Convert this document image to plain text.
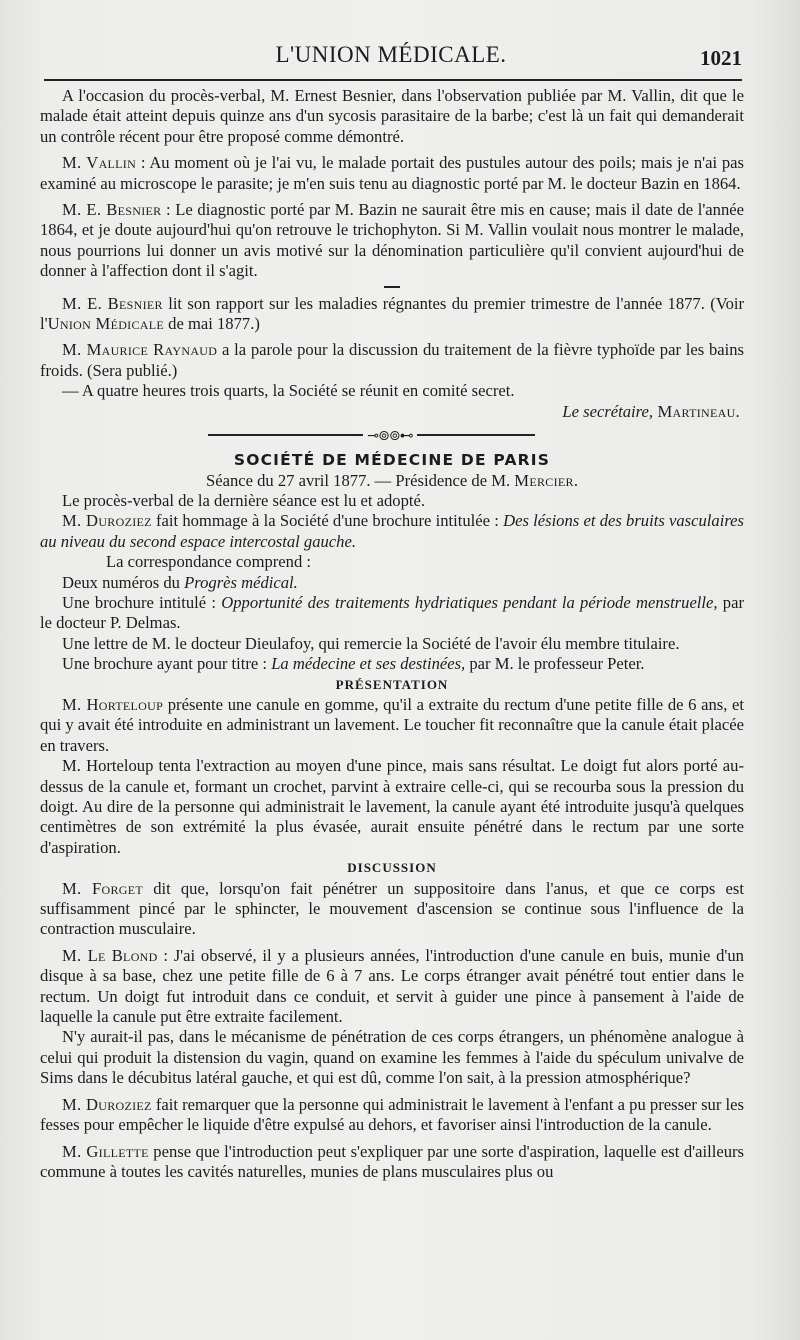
L'UNION MÉDICALE.	1021

A l'occasion du procès-verbal, M. Ernest Besnier, dans l'observation publiée par M. Vallin, dit que le malade était atteint depuis quinze ans d'un sycosis parasitaire de la barbe; c'est là un fait qui demanderait un contrôle récent pour être proposé comme démontré.

M. Vallin : Au moment où je l'ai vu, le malade portait des pustules autour des poils; mais je n'ai pas examiné au microscope le parasite; je m'en suis tenu au diagnostic porté par M. le docteur Bazin en 1864.

M. E. Besnier : Le diagnostic porté par M. Bazin ne saurait être mis en cause; mais il date de l'année 1864, et je doute aujourd'hui qu'on retrouve le trichophyton. Si M. Vallin voulait nous montrer le malade, nous pourrions lui donner un avis motivé sur la dénomination particulière qu'il convient aujourd'hui de donner à l'affection dont il s'agit.

M. E. Besnier lit son rapport sur les maladies régnantes du premier trimestre de l'année 1877. (Voir l'Union Médicale de mai 1877.)

M. Maurice Raynaud a la parole pour la discussion du traitement de la fièvre typhoïde par les bains froids. (Sera publié.)

— A quatre heures trois quarts, la Société se réunit en comité secret.

Le secrétaire, Martineau.

⊸⊚⊚⊷

SOCIÉTÉ DE MÉDECINE DE PARIS

Séance du 27 avril 1877. — Présidence de M. Mercier.

Le procès-verbal de la dernière séance est lu et adopté.

M. Duroziez fait hommage à la Société d'une brochure intitulée : Des lésions et des bruits vasculaires au niveau du second espace intercostal gauche.

La correspondance comprend :

Deux numéros du Progrès médical.

Une brochure intitulé : Opportunité des traitements hydriatiques pendant la période menstruelle, par le docteur P. Delmas.

Une lettre de M. le docteur Dieulafoy, qui remercie la Société de l'avoir élu membre titulaire.

Une brochure ayant pour titre : La médecine et ses destinées, par M. le professeur Peter.

PRÉSENTATION

M. Horteloup présente une canule en gomme, qu'il a extraite du rectum d'une petite fille de 6 ans, et qui y avait été introduite en administrant un lavement. Le toucher fit reconnaître que la canule était placée en travers.

M. Horteloup tenta l'extraction au moyen d'une pince, mais sans résultat. Le doigt fut alors porté au-dessus de la canule et, formant un crochet, parvint à extraire celle-ci, qui se recourba sous la pression du doigt. Au dire de la personne qui administrait le lavement, la canule ayant été introduite jusqu'à quelques centimètres de son extrémité la plus évasée, aurait ensuite pénétré dans le rectum par une sorte d'aspiration.

DISCUSSION

M. Forget dit que, lorsqu'on fait pénétrer un suppositoire dans l'anus, et que ce corps est suffisamment pincé par le sphincter, le mouvement d'ascension se continue sous l'influence de la contraction musculaire.

M. Le Blond : J'ai observé, il y a plusieurs années, l'introduction d'une canule en buis, munie d'un disque à sa base, chez une petite fille de 6 à 7 ans. Le corps étranger avait pénétré tout entier dans le rectum. Un doigt fut introduit dans ce conduit, et servit à guider une pince à pansement à l'aide de laquelle la canule put être extraite facilement.

N'y aurait-il pas, dans le mécanisme de pénétration de ces corps étrangers, un phénomène analogue à celui qui produit la distension du vagin, quand on examine les femmes à l'aide du spéculum univalve de Sims dans le décubitus latéral gauche, et qui est dû, comme l'on sait, à la pression atmosphérique?

M. Duroziez fait remarquer que la personne qui administrait le lavement à l'enfant a pu presser sur les fesses pour empêcher le liquide d'être expulsé au dehors, et favoriser ainsi l'introduction de la canule.

M. Gillette pense que l'introduction peut s'expliquer par une sorte d'aspiration, laquelle est d'ailleurs commune à toutes les cavités naturelles, munies de plans musculaires plus ou
